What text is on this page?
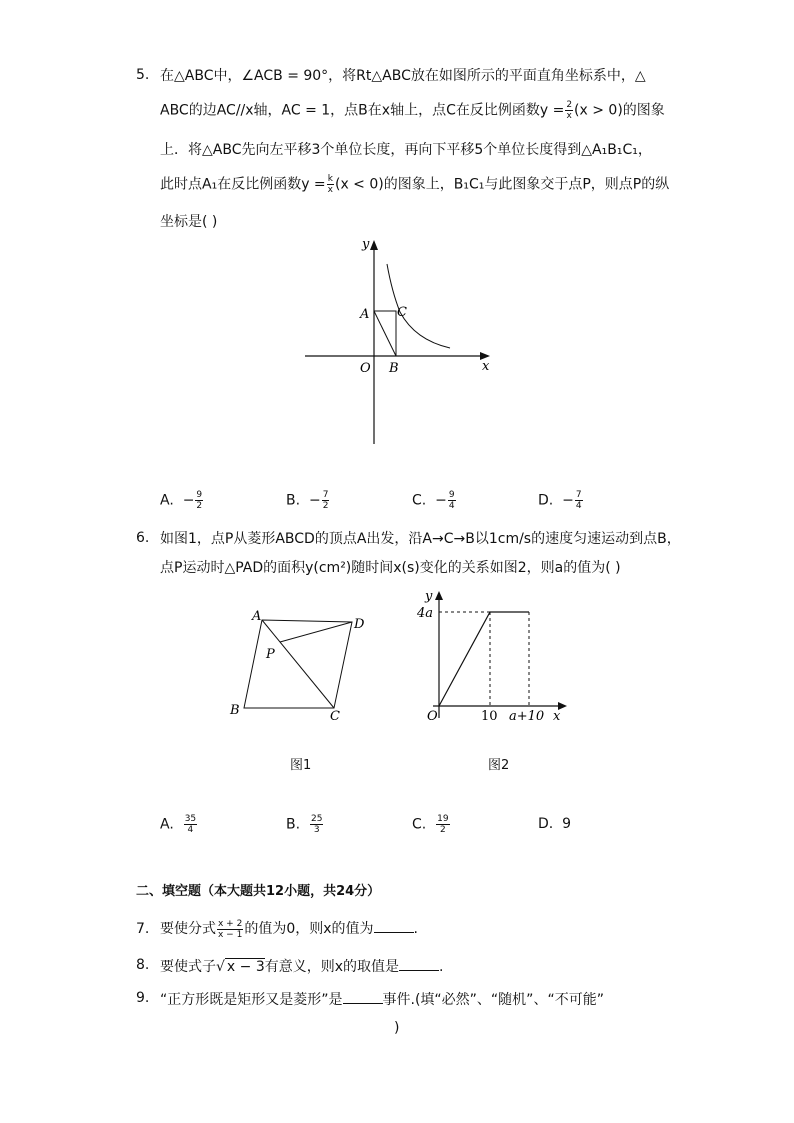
5. 在△ABC中，∠ACB = 90°，将Rt△ABC放在如图所示的平面直角坐标系中，△
ABC的边AC//x轴，AC = 1，点B在x轴上，点C在反比例函数$y = \frac{2}{x} (x > 0)$的图象
上．将△ABC先向左平移3个单位长度，再向下平移5个单位长度得到△A₁B₁C₁，
此时点A₁在反比例函数$y = \frac{k}{x} (x < 0)$的图象上，B₁C₁与此图象交于点P，则点P的纵
坐标是( )
y
x
O
A
B
C
A. − $\frac{9}{2}$	B. − $\frac{7}{2}$	C. − $\frac{9}{4}$	D. − $\frac{7}{4}$
6. 如图1，点P从菱形ABCD的顶点A出发，沿A→C→B以1cm/s的速度匀速运动到点B，
点P运动时△PAD的面积y(cm²)随时间x(s)变化的关系如图2，则a的值为( )
A
D
P
B	C
图1
y
x
O
4a
10 a+10
图2
A. $\frac{35}{4}$	B. $\frac{25}{3}$	C. $\frac{19}{2}$	D. 9
二、填空题（本大题共12小题，共24分）
7. 要使分式 $\frac{x + 2}{x - 1}$ 的值为0，则x的值为	.
8. 要使式子√ x − 3有意义，则x的取值是	.
9. “正方形既是矩形又是菱形”是	事件.(填“必然”、“随机”、“不可能”
)
